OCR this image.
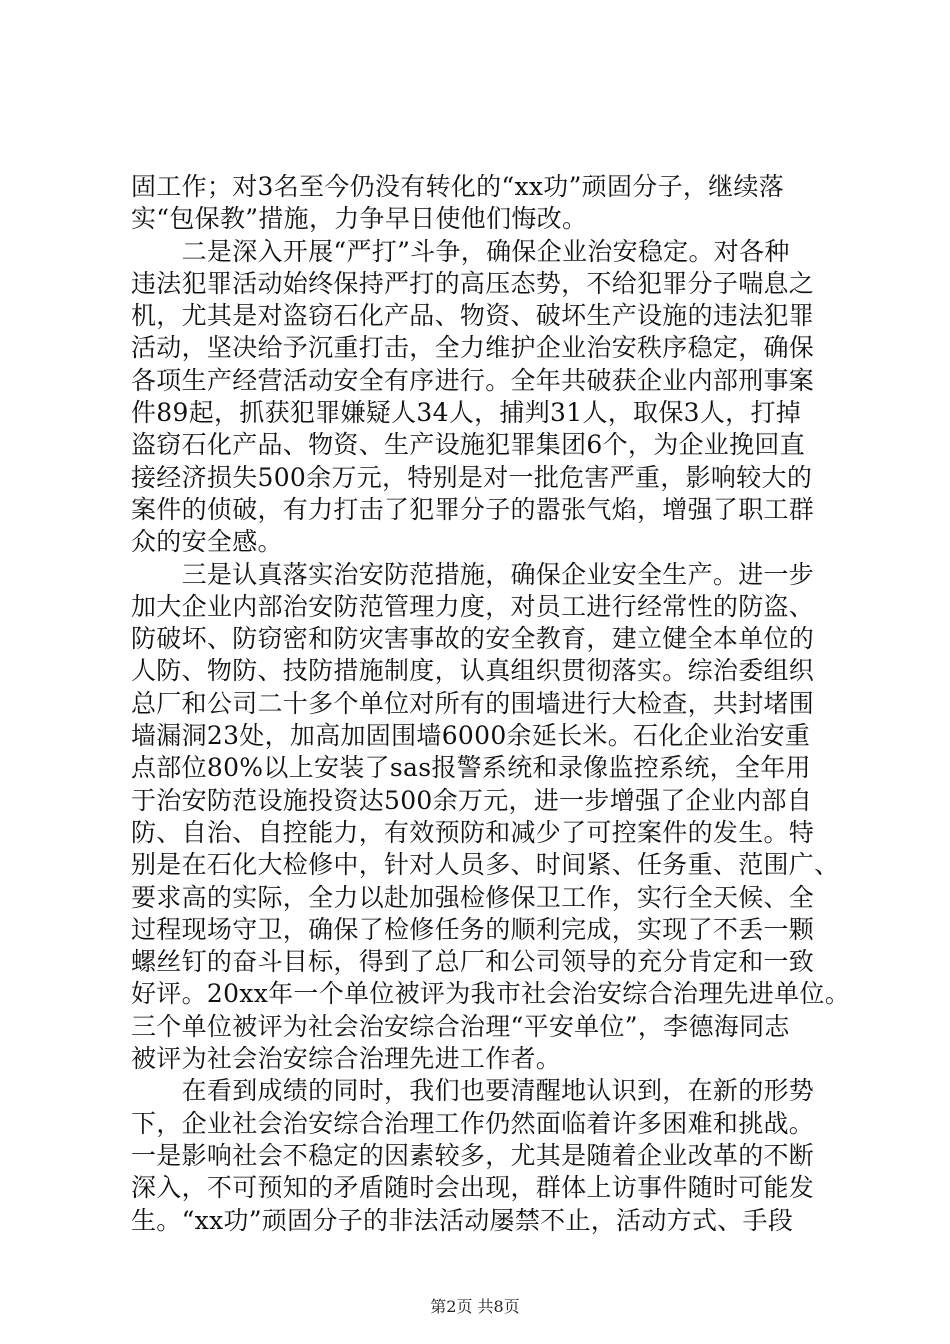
固工作；对3名至今仍没有转化的“xx功”顽固分子，继续落
实“包保教”措施，力争早日使他们悔改。
　　二是深入开展“严打”斗争，确保企业治安稳定。对各种
违法犯罪活动始终保持严打的高压态势，不给犯罪分子喘息之
机，尤其是对盗窃石化产品、物资、破坏生产设施的违法犯罪
活动，坚决给予沉重打击，全力维护企业治安秩序稳定，确保
各项生产经营活动安全有序进行。全年共破获企业内部刑事案
件89起，抓获犯罪嫌疑人34人，捕判31人，取保3人，打掉
盗窃石化产品、物资、生产设施犯罪集团6个，为企业挽回直
接经济损失500余万元，特别是对一批危害严重，影响较大的
案件的侦破，有力打击了犯罪分子的嚣张气焰，增强了职工群
众的安全感。
　　三是认真落实治安防范措施，确保企业安全生产。进一步
加大企业内部治安防范管理力度，对员工进行经常性的防盗、
防破坏、防窃密和防灾害事故的安全教育，建立健全本单位的
人防、物防、技防措施制度，认真组织贯彻落实。综治委组织
总厂和公司二十多个单位对所有的围墙进行大检查，共封堵围
墙漏洞23处，加高加固围墙6000余延长米。石化企业治安重
点部位80%以上安装了sas报警系统和录像监控系统，全年用
于治安防范设施投资达500余万元，进一步增强了企业内部自
防、自治、自控能力，有效预防和减少了可控案件的发生。特
别是在石化大检修中，针对人员多、时间紧、任务重、范围广、
要求高的实际，全力以赴加强检修保卫工作，实行全天候、全
过程现场守卫，确保了检修任务的顺利完成，实现了不丢一颗
螺丝钉的奋斗目标，得到了总厂和公司领导的充分肯定和一致
好评。20xx年一个单位被评为我市社会治安综合治理先进单位。
三个单位被评为社会治安综合治理“平安单位”，李德海同志
被评为社会治安综合治理先进工作者。
　　在看到成绩的同时，我们也要清醒地认识到，在新的形势
下，企业社会治安综合治理工作仍然面临着许多困难和挑战。
一是影响社会不稳定的因素较多，尤其是随着企业改革的不断
深入，不可预知的矛盾随时会出现，群体上访事件随时可能发
生。“xx功”顽固分子的非法活动屡禁不止，活动方式、手段
第2页 共8页
